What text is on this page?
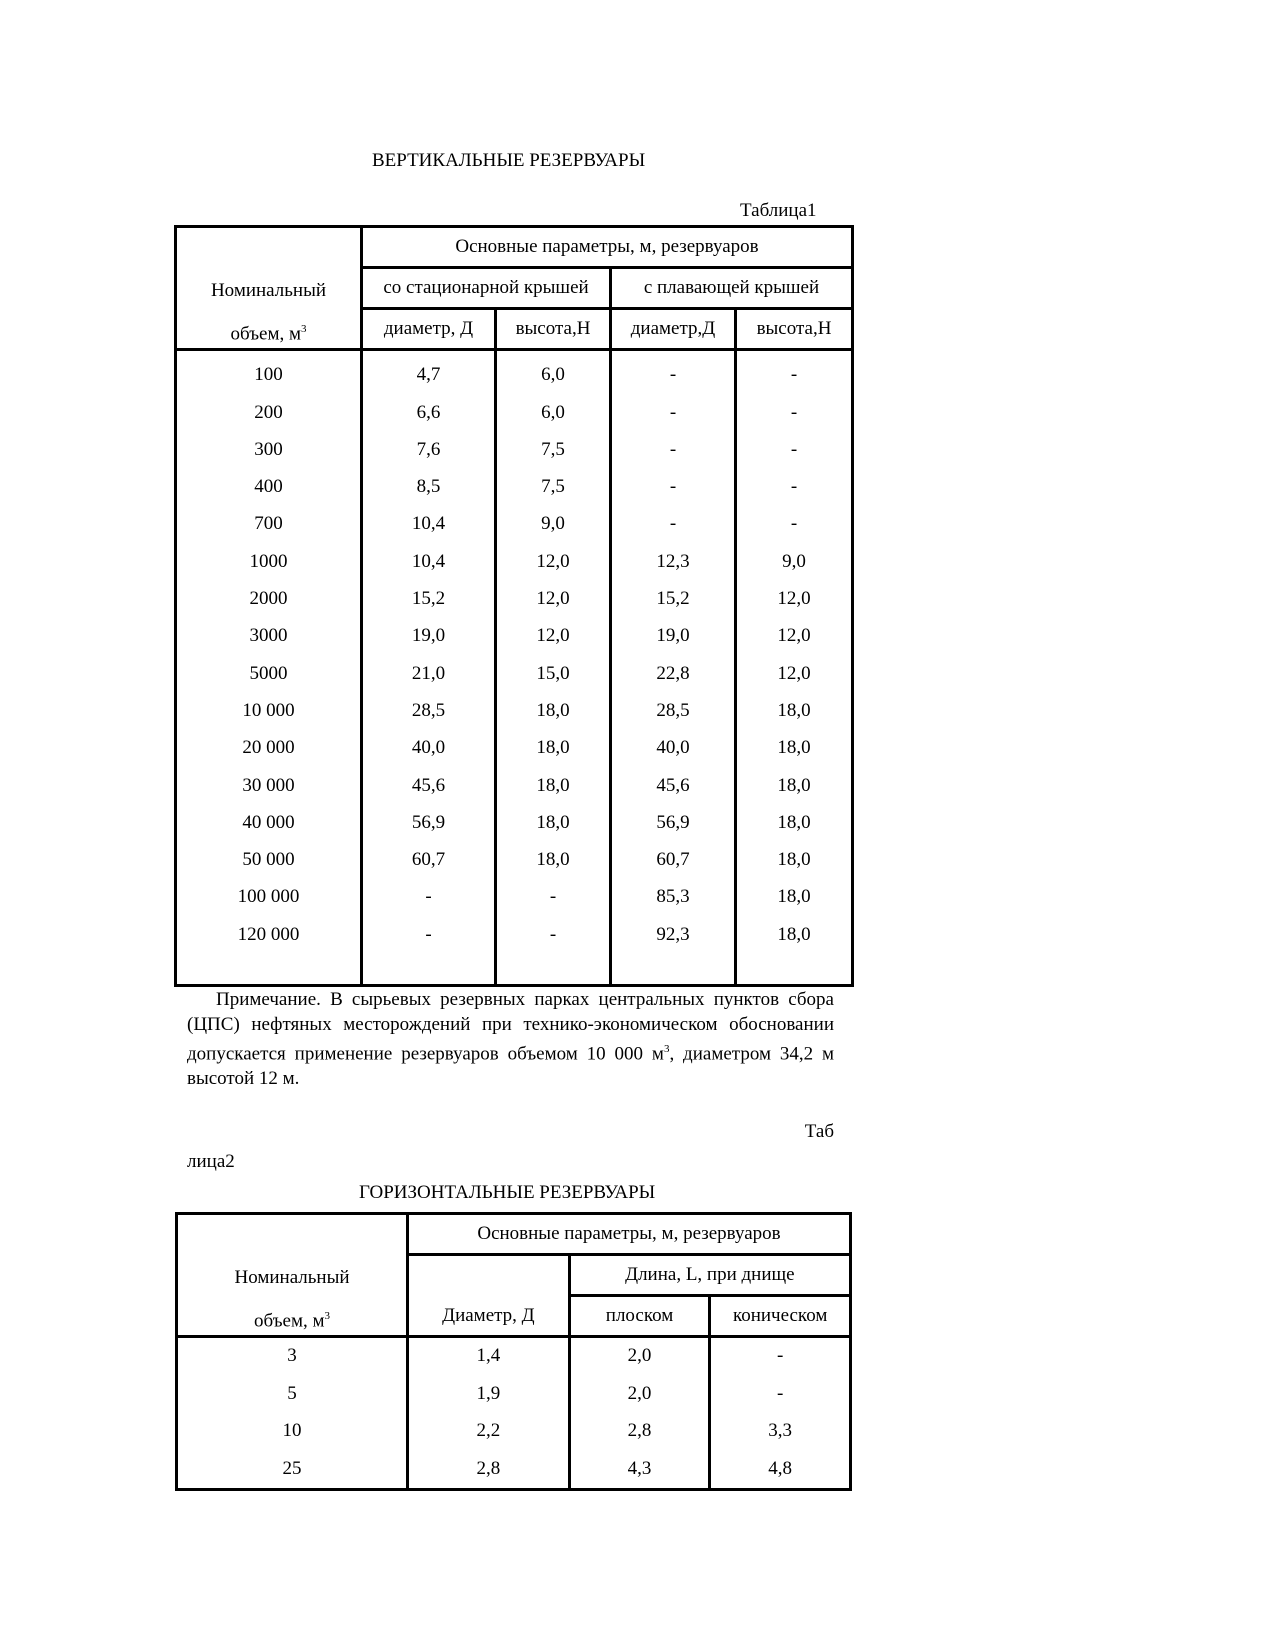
ВЕРТИКАЛЬНЫЕ РЕЗЕРВУАРЫ
Таблица1
Номинальный
объем, $м^3$	Основные параметры, м, резервуаров			
	со стационарной крышей		с плавающей крышей	
	диаметр, Д	высота,Н	диаметр,Д	высота,Н
100	4,7	6,0	-	-
200	6,6	6,0	-	-
300	7,6	7,5	-	-
400	8,5	7,5	-	-
700	10,4	9,0	-	-
1000	10,4	12,0	12,3	9,0
2000	15,2	12,0	15,2	12,0
3000	19,0	12,0	19,0	12,0
5000	21,0	15,0	22,8	12,0
10 000	28,5	18,0	28,5	18,0
20 000	40,0	18,0	40,0	18,0
30 000	45,6	18,0	45,6	18,0
40 000	56,9	18,0	56,9	18,0
50 000	60,7	18,0	60,7	18,0
100 000	-	-	85,3	18,0
120 000	-	-	92,3	18,0

Примечание. В сырьевых резервных парках центральных пунктов сбора (ЦПС) нефтяных месторождений при технико-экономическом обосновании допускается применение резервуаров объемом 10 000 $м^3$, диаметром 34,2 м высотой 12 м.
Таб
лица2
ГОРИЗОНТАЛЬНЫЕ РЕЗЕРВУАРЫ
Номинальный
объем, $м^3$	Основные параметры, м, резервуаров		

	Диаметр, Д	Длина, L, при днище	
		плоском	коническом
3	1,4	2,0	-
5	1,9	2,0	-
10	2,2	2,8	3,3
25	2,8	4,3	4,8
